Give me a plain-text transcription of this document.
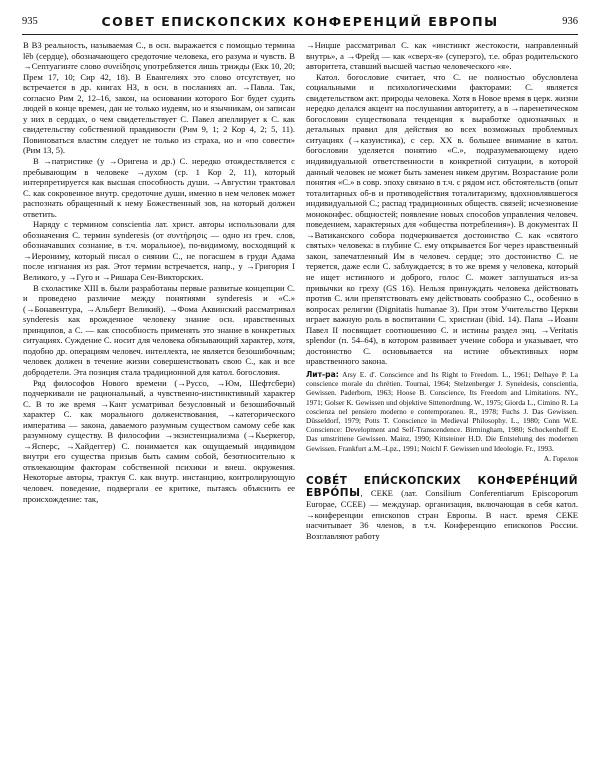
935	СОВЕТ ЕПИСКОПСКИХ КОНФЕРЕНЦИЙ ЕВРОПЫ	936

В ВЗ реальность, называемая С., в осн. выражается с помощью термина lēb (сердце), обозначающего средоточие человека, его разума и чувств. В →Септуагинте слово συνείδησις употребляется лишь трижды (Екк 10, 20; Прем 17, 10; Сир 42, 18). В Евангелиях это слово отсутствует, но встречается в др. книгах НЗ, в осн. в посланиях ап. →Павла. Так, согласно Рим 2, 12–16, закон, на основании которого Бог будет судить людей в конце времен, дан не только иудеям, но и язычникам, он записан у них в сердцах, о чем свидетельствует С. Павел апеллирует к С. как свидетельству собственной правдивости (Рим 9, 1; 2 Кор 4, 2; 5, 11). Повиноваться властям следует не только из страха, но и «по совести» (Рим 13, 5).

В →патристике (у →Оригена и др.) С. нередко отождествляется с пребывающим в человеке →духом (ср. 1 Кор 2, 11), который интерпретируется как высшая способность души. →Августин трактовал С. как сокровенное внутр. средоточие души, именно в нем человек может распознать обращенный к нему Божественный зов, на который должен ответить.

Наряду с термином conscientia лат. христ. авторы использовали для обозначения С. термин synderesis (от συντήρησις — одно из греч. слов, обозначавших сознание, в т.ч. моральное), по-видимому, восходящий к →Иерониму, который писал о сиянии С., не погасшем в груди Адама после изгнания из рая. Этот термин встречается, напр., у →Григория I Великого, у →Гуго и →Ришара Сен-Викторских.

В схоластике XIII в. были разработаны первые развитые концепции С. и проведено различие между понятиями synderesis и «С.» (→Бонавентура, →Альберт Великий). →Фома Аквинский рассматривал synderesis как врожденное человеку знание осн. нравственных принципов, а С. — как способность применять это знание в конкретных ситуациях. Суждение С. носит для человека обязывающий характер, хотя, подобно др. операциям человеч. интеллекта, не является безошибочным; человек должен в течение жизни совершенствовать свою С., как и все добродетели. Эта позиция стала традиционной для катол. богословия.

Ряд философов Нового времени (→Руссо, →Юм, Шефтсбери) подчеркивали не рациональный, а чувственно-инстинктивный характер С. В то же время →Кант усматривал безусловный и безошибочный характер С. как морального долженствования, →категорического императива — закона, даваемого разумным существом самому себе как разумному существу. В философии →экзистенциализма (→Кьеркегор, →Ясперс, →Хайдеггер) С. понимается как ощущаемый индивидом внутри его существа призыв быть самим собой, безотносительно к отвлекающим факторам собственной психики и внеш. окружения. Некоторые авторы, трактуя С. как внутр. инстанцию, контролирующую человеч. поведение, подвергали ее критике, пытаясь объяснить ее происхождение: так,

→Ницше рассматривал С. как «инстинкт жестокости, направленный внутрь», а →Фрейд — как «сверх-я» (суперэго), т.е. образ родительского авторитета, ставший высшей частью человеческого «я».

Катол. богословие считает, что С. не полностью обусловлена социальными и психологическими факторами: С. является свидетельством акт. природы человека. Хотя в Новое время в церк. жизни нередко делался акцент на послушании авторитету, а в →паренетическом богословии существовала тенденция к выработке однозначных и детальных правил для действия во всех возможных проблемных ситуациях (→казуистика), с сер. XX в. большее внимание в катол. богословии уделяется понятию «С.», подразумевающему идею индивидуальной ответственности в конкретной ситуации, в которой данный человек не может быть заменен никем другим. Возрастание роли понятия «С.» в совр. эпоху связано в т.ч. с рядом ист. обстоятельств (опыт тоталитарных об-в и противодействия тоталитаризму, вдохновлявшегося индивидуальной С.; распад традиционных обществ. связей; исчезновение моноконфес. общностей; появление новых способов управления человеч. поведением, характерных для «общества потребления»). В документах II →Ватиканского собора подчеркивается достоинство С. как «святого святых» человека: в глубине С. ему открывается Бог через нравственный закон, запечатленный Им в человеч. сердце; это достоинство С. не теряется, даже если С. заблуждается; в то же время у человека, который не ищет истинного и доброго, голос С. может заглушаться из-за привычки ко греху (GS 16). Нельзя принуждать человека действовать против С. или препятствовать ему действовать сообразно С., особенно в вопросах религии (Dignitatis humanae 3). При этом Учительство Церкви играет важную роль в воспитании С. христиан (ibid. 14). Папа →Иоанн Павел II посвящает соотношению С. и истины раздел энц. →Veritatis splendor (п. 54–64), в котором развивает учение собора и указывает, что достоинство С. основывается на истине объективных норм нравственного закона.

Лит-ра: Arsy E. d'. Conscience and Its Right to Freedom. L., 1961; Delhaye P. La conscience morale du chrétien. Tournai, 1964; Stelzenberger J. Syneidesis, conscientia, Gewissen. Paderborn, 1963; Hoose B. Conscience, Its Freedom and Limitations. NY., 1971; Golser K. Gewissen und objektive Sittenordnung. W., 1975; Giorda L., Cimino R. La coscienza nel pensiero moderno e contemporaneo. R., 1978; Fuchs J. Das Gewissen. Düsseldorf, 1979; Potts T. Conscience in Medieval Philosophy. L., 1980; Conn W.E. Conscience: Development and Self-Transcendence. Birmingham, 1980; Schockenhoff E. Das umstrittene Gewissen. Mainz, 1990; Kittsteiner H.D. Die Entstehung des modernen Gewissen. Frankfurt a.M.–Lpz., 1991; Noichl F. Gewissen und Ideologie. Fr., 1993.

А. Горелов

СОВЕ́Т ЕПИ́СКОПСКИХ КОНФЕРЕ́НЦИЙ ЕВРО́ПЫ, СЕКЕ (лат. Consilium Conferentiarum Episcoporum Europae, CCEE) — междунар. организация, включающая в себя катол. →конференции епископов стран Европы. В наст. время СЕКЕ насчитывает 36 членов, в т.ч. Конференцию епископов России. Возглавляют работу
